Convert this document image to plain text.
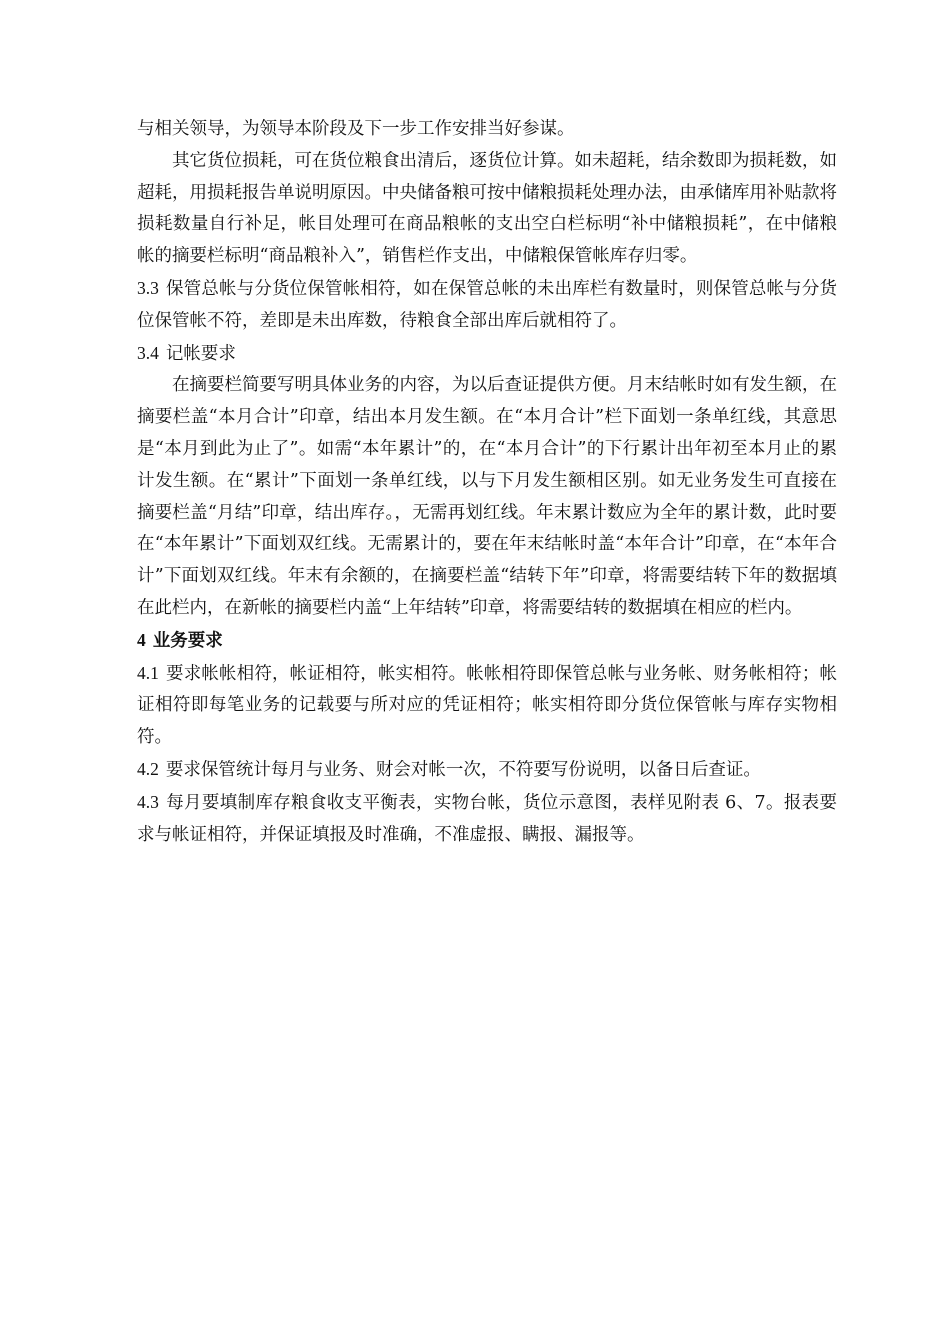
与相关领导，为领导本阶段及下一步工作安排当好参谋。

其它货位损耗，可在货位粮食出清后，逐货位计算。如未超耗，结余数即为损耗数，如超耗，用损耗报告单说明原因。中央储备粮可按中储粮损耗处理办法，由承储库用补贴款将损耗数量自行补足，帐目处理可在商品粮帐的支出空白栏标明“补中储粮损耗”，在中储粮帐的摘要栏标明“商品粮补入”，销售栏作支出，中储粮保管帐库存归零。

3.3 保管总帐与分货位保管帐相符，如在保管总帐的未出库栏有数量时，则保管总帐与分货位保管帐不符，差即是未出库数，待粮食全部出库后就相符了。

3.4 记帐要求

在摘要栏简要写明具体业务的内容，为以后查证提供方便。月末结帐时如有发生额，在摘要栏盖“本月合计”印章，结出本月发生额。在“本月合计”栏下面划一条单红线，其意思是“本月到此为止了”。如需“本年累计”的，在“本月合计”的下行累计出年初至本月止的累计发生额。在“累计”下面划一条单红线，以与下月发生额相区别。如无业务发生可直接在摘要栏盖“月结”印章，结出库存。，无需再划红线。年末累计数应为全年的累计数，此时要在“本年累计”下面划双红线。无需累计的，要在年末结帐时盖“本年合计”印章，在“本年合计”下面划双红线。年末有余额的，在摘要栏盖“结转下年”印章，将需要结转下年的数据填在此栏内，在新帐的摘要栏内盖“上年结转”印章，将需要结转的数据填在相应的栏内。

4 业务要求

4.1 要求帐帐相符，帐证相符，帐实相符。帐帐相符即保管总帐与业务帐、财务帐相符；帐证相符即每笔业务的记载要与所对应的凭证相符；帐实相符即分货位保管帐与库存实物相符。

4.2 要求保管统计每月与业务、财会对帐一次，不符要写份说明，以备日后查证。

4.3 每月要填制库存粮食收支平衡表，实物台帐，货位示意图，表样见附表 6、7。报表要求与帐证相符，并保证填报及时准确，不准虚报、瞒报、漏报等。
